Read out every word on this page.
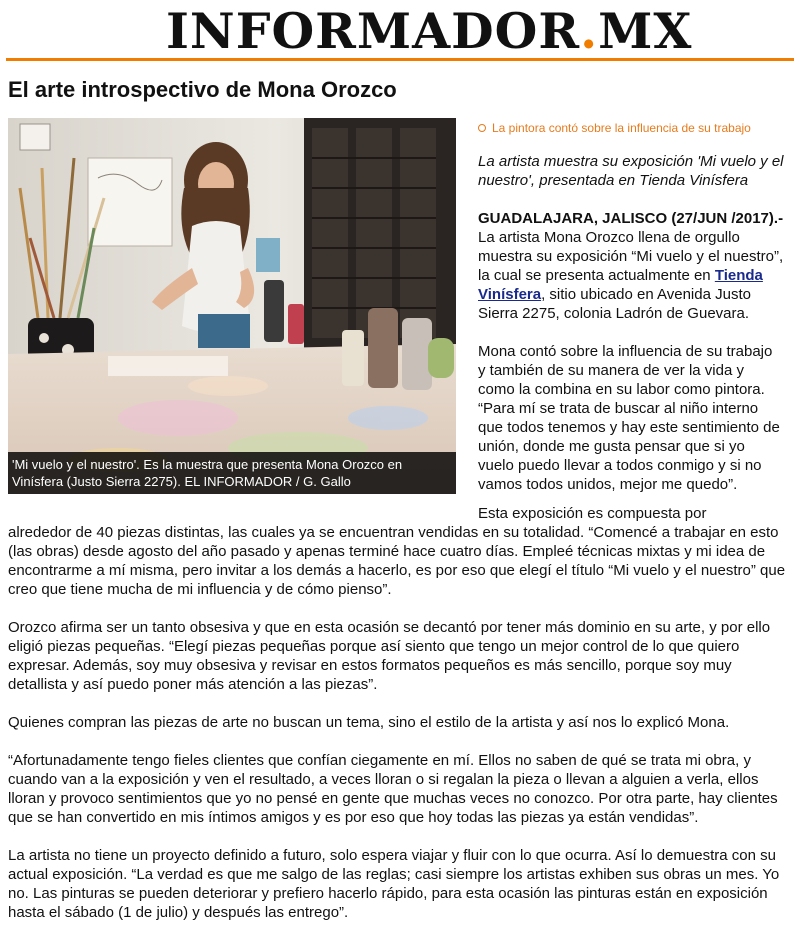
INFORMADOR.MX
El arte introspectivo de Mona Orozco
'Mi vuelo y el nuestro'. Es la muestra que presenta Mona Orozco en Vinísfera (Justo Sierra 2275). EL INFORMADOR / G. Gallo

La pintora contó sobre la influencia de su trabajo

La artista muestra su exposición 'Mi vuelo y el nuestro', presentada en Tienda Vinísfera

GUADALAJARA, JALISCO (27/JUN /2017).- La artista Mona Orozco llena de orgullo muestra su exposición “Mi vuelo y el nuestro”, la cual se presenta actualmente en Tienda Vinísfera, sitio ubicado en Avenida Justo Sierra 2275, colonia Ladrón de Guevara.

Mona contó sobre la influencia de su trabajo y también de su manera de ver la vida y como la combina en su labor como pintora. “Para mí se trata de buscar al niño interno que todos tenemos y hay este sentimiento de unión, donde me gusta pensar que si yo vuelo puedo llevar a todos conmigo y si no vamos todos unidos, mejor me quedo”.

Esta exposición es compuesta por
alrededor de 40 piezas distintas, las cuales ya se encuentran vendidas en su totalidad. “Comencé a trabajar en esto (las obras) desde agosto del año pasado y apenas terminé hace cuatro días. Empleé técnicas mixtas y mi idea de encontrarme a mí misma, pero invitar a los demás a hacerlo, es por eso que elegí el título “Mi vuelo y el nuestro” que creo que tiene mucha de mi influencia y de cómo pienso”.

Orozco afirma ser un tanto obsesiva y que en esta ocasión se decantó por tener más dominio en su arte, y por ello eligió piezas pequeñas. “Elegí piezas pequeñas porque así siento que tengo un mejor control de lo que quiero expresar. Además, soy muy obsesiva y revisar en estos formatos pequeños es más sencillo, porque soy muy detallista y así puedo poner más atención a las piezas”.

Quienes compran las piezas de arte no buscan un tema, sino el estilo de la artista y así nos lo explicó Mona.

“Afortunadamente tengo fieles clientes que confían ciegamente en mí. Ellos no saben de qué se trata mi obra, y cuando van a la exposición y ven el resultado, a veces lloran o si regalan la pieza o llevan a alguien a verla, ellos lloran y provoco sentimientos que yo no pensé en gente que muchas veces no conozco. Por otra parte, hay clientes que se han convertido en mis íntimos amigos y es por eso que hoy todas las piezas ya están vendidas”.

La artista no tiene un proyecto definido a futuro, solo espera viajar y fluir con lo que ocurra. Así lo demuestra con su actual exposición. “La verdad es que me salgo de las reglas; casi siempre los artistas exhiben sus obras un mes. Yo no. Las pinturas se pueden deteriorar y prefiero hacerlo rápido, para esta ocasión las pinturas están en exposición hasta el sábado (1 de julio) y después las entrego”.
